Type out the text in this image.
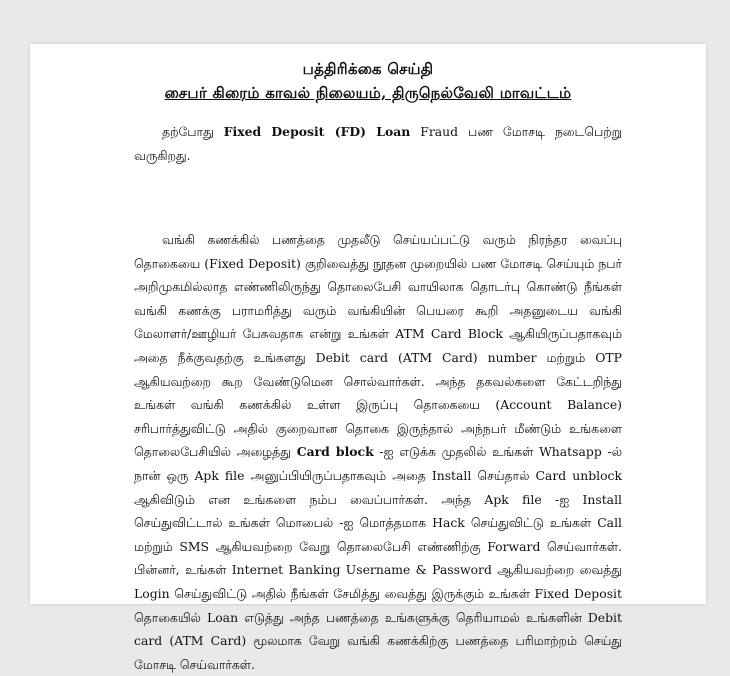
பத்திரிக்கை செய்தி
சைபர் கிரைம் காவல் நிலையம், திருநெல்வேலி மாவட்டம்
தற்போது Fixed Deposit (FD) Loan Fraud பண மோசடி நடைபெற்று வருகிறது.
வங்கி கணக்கில் பணத்தை முதலீடு செய்யப்பட்டு வரும் நிரந்தர வைப்பு தொகையை (Fixed Deposit) குறிவைத்து நூதன முறையில் பண மோசடி செய்யும் நபர் அறிமுகமில்லாத எண்ணிலிருந்து தொலைபேசி வாயிலாக தொடர்பு கொண்டு நீங்கள் வங்கி கணக்கு பராமரித்து வரும் வங்கியின் பெயரை கூறி அதனுடைய வங்கி மேலாளர்/ஊழியர் பேசுவதாக என்று உங்கள் ATM Card Block ஆகியிருப்பதாகவும் அதை நீக்குவதற்கு உங்களது Debit card (ATM Card) number மற்றும் OTP ஆகியவற்றை கூற வேண்டுமென சொல்வார்கள். அந்த தகவல்களை கேட்டறிந்து உங்கள் வங்கி கணக்கில் உள்ள இருப்பு தொகையை (Account Balance) சரிபார்த்துவிட்டு அதில் குறைவான தொகை இருந்தால் அந்நபர் மீண்டும் உங்களை தொலைபேசியில் அழைத்து Card block -ஐ எடுக்க முதலில் உங்கள் Whatsapp -ல் நான் ஒரு Apk file அனுப்பியிருப்பதாகவும் அதை Install செய்தால் Card unblock ஆகிவிடும் என உங்களை நம்ப வைப்பார்கள். அந்த Apk file -ஐ Install செய்துவிட்டால் உங்கள் மொபைல் -ஐ மொத்தமாக Hack செய்துவிட்டு உங்கள் Call மற்றும் SMS ஆகியவற்றை வேறு தொலைபேசி எண்ணிற்கு Forward செய்வார்கள். பின்னர், உங்கள் Internet Banking Username & Password ஆகியவற்றை வைத்து Login செய்துவிட்டு அதில் நீங்கள் சேமித்து வைத்து இருக்கும் உங்கள் Fixed Deposit தொகையில் Loan எடுத்து அந்த பணத்தை உங்களுக்கு தெரியாமல் உங்களின் Debit card (ATM Card) மூலமாக வேறு வங்கி கணக்கிற்கு பணத்தை பரிமாற்றம் செய்து மோசடி செய்வார்கள்.
